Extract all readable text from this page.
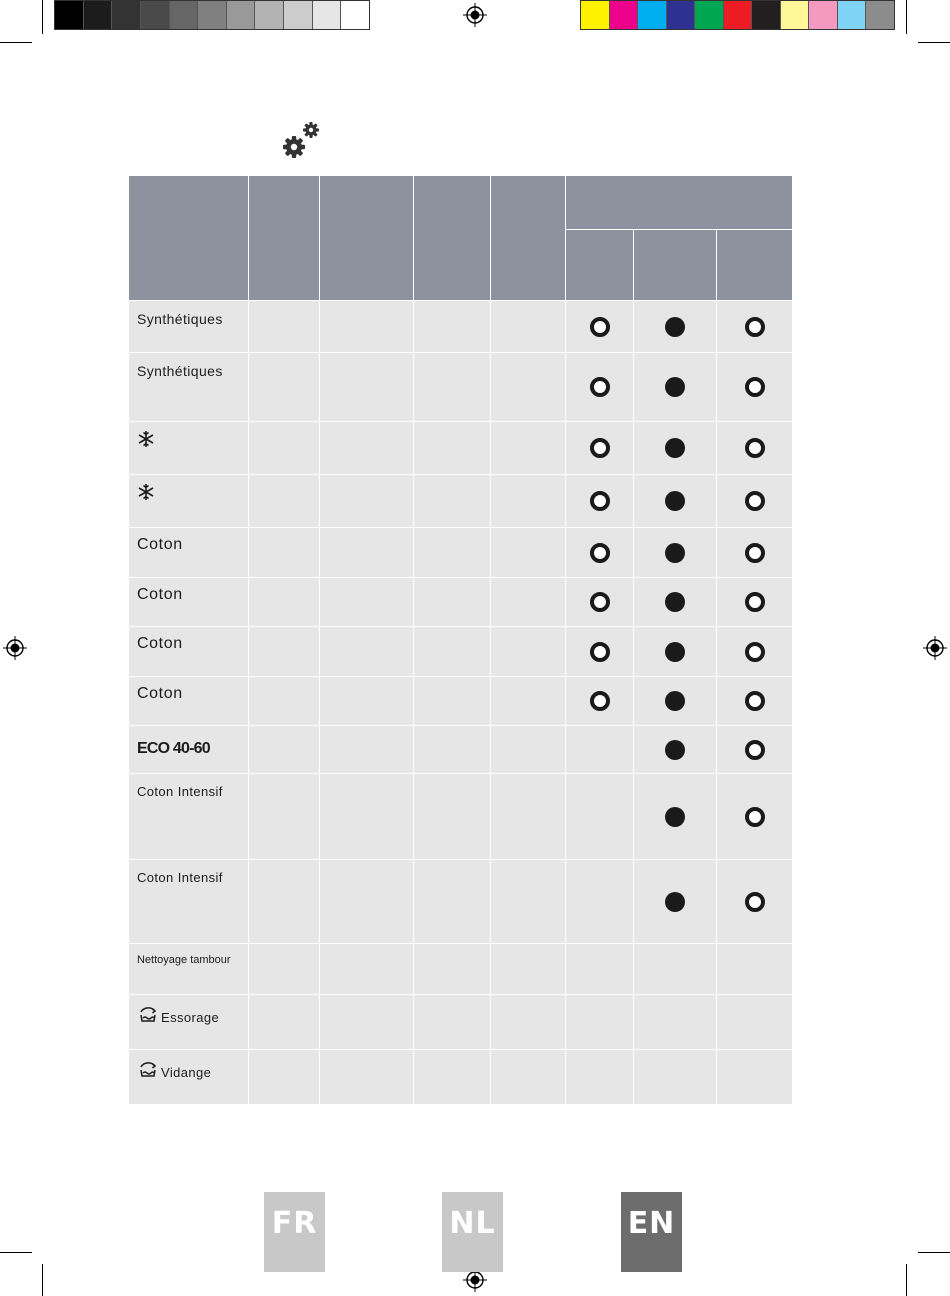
Synthétiques
Synthétiques
Coton
Coton
Coton
Coton
ECO 40-60
Coton Intensif
Coton Intensif
Nettoyage tambour
Essorage
Vidange
FR	NL	EN
